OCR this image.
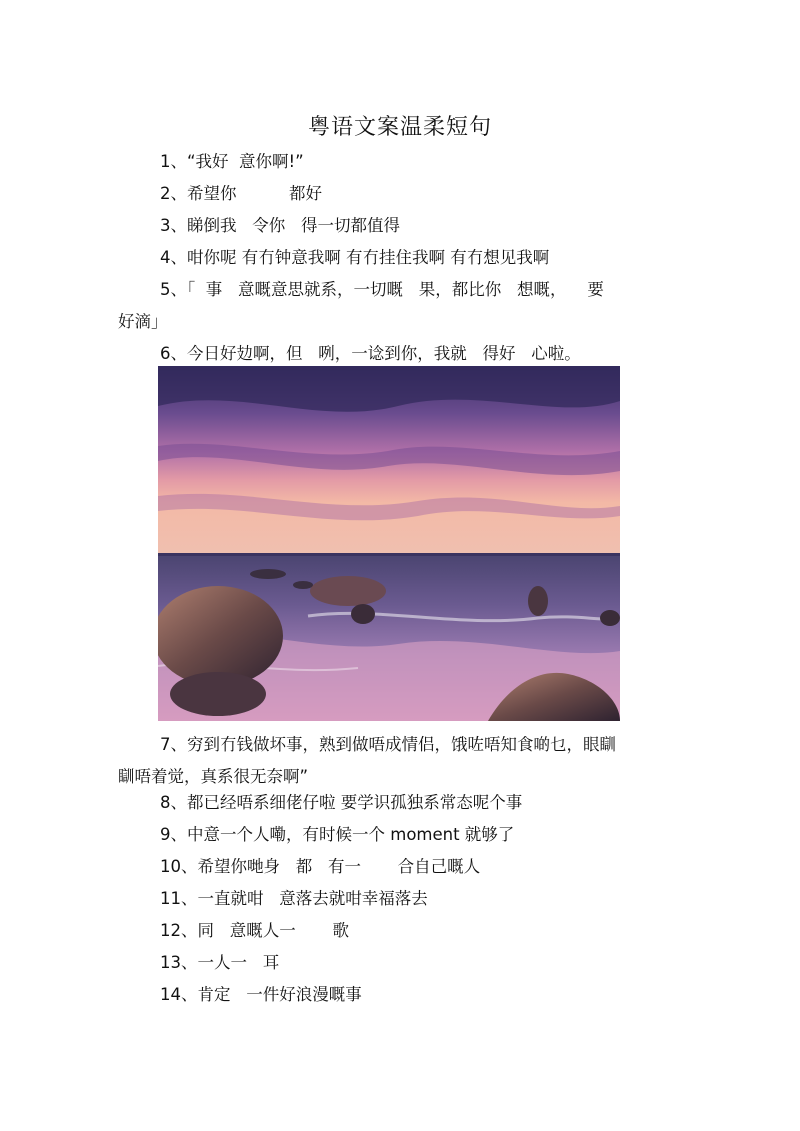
粤语文案温柔短句

1、“我好  意你啊!”

2、希望你          都好

3、睇倒我   令你   得一切都值得

4、咁你呢 有冇钟意我啊 有冇挂住我啊 有冇想见我啊

5、「  事   意嘅意思就系，一切嘅   果，都比你   想嘅，    要
好滴」

6、今日好攰啊，但   咧，一谂到你，我就   得好   心啦。

7、穷到冇钱做坏事，熟到做唔成情侣，饿咗唔知食啲乜，眼瞓
瞓唔着觉，真系很无奈啊”

8、都已经唔系细佬仔啦 要学识孤独系常态呢个事

9、中意一个人嘞，有时候一个 moment 就够了

10、希望你哋身   都   有一       合自己嘅人

11、一直就咁   意落去就咁幸福落去

12、同   意嘅人一       歌

13、一人一   耳

14、肯定   一件好浪漫嘅事
